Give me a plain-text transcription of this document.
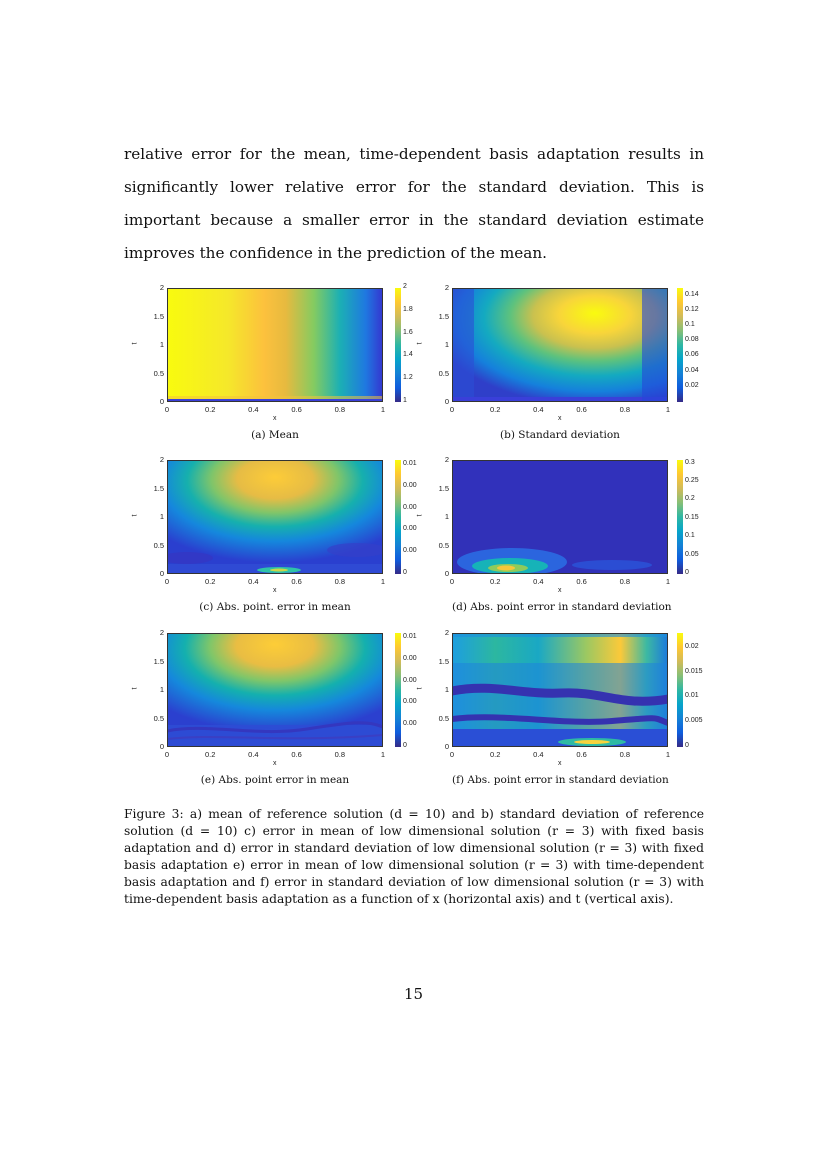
relative error for the mean, time-dependent basis adaptation results in significantly lower relative error for the standard deviation. This is important because a smaller error in the standard deviation estimate improves the confidence in the prediction of the mean.

0	0.2	0.4	0.6	0.8	1
0
0.5
1
1.5
2
x
t
1
1.2
1.4
1.6
1.8
2
(a) Mean
0	0.2	0.4	0.6	0.8	1
0
0.5
1
1.5
2
x
t
0.02
0.04
0.06
0.08
0.1
0.12
0.14
(b) Standard deviation
0	0.2	0.4	0.6	0.8	1
0
0.5
1
1.5
2
x
t
0
0.00
0.00
0.00
0.00
0.01
(c) Abs. point. error in mean
0	0.2	0.4	0.6	0.8	1
0
0.5
1
1.5
2
x
t
0
0.05
0.1
0.15
0.2
0.25
0.3
(d) Abs. point error in standard deviation
0	0.2	0.4	0.6	0.8	1
0
0.5
1
1.5
2
x
t
0
0.00
0.00
0.00
0.00
0.01
(e) Abs. point error in mean
0	0.2	0.4	0.6	0.8	1
0
0.5
1
1.5
2
x
t
0
0.005
0.01
0.015
0.02
(f) Abs. point error in standard deviation

Figure 3: a) mean of reference solution (d = 10) and b) standard deviation of reference solution (d = 10) c) error in mean of low dimensional solution (r = 3) with fixed basis adaptation and d) error in standard deviation of low dimensional solution (r = 3) with fixed basis adaptation e) error in mean of low dimensional solution (r = 3) with time-dependent basis adaptation and f) error in standard deviation of low dimensional solution (r = 3) with time-dependent basis adaptation as a function of x (horizontal axis) and t (vertical axis).

15
